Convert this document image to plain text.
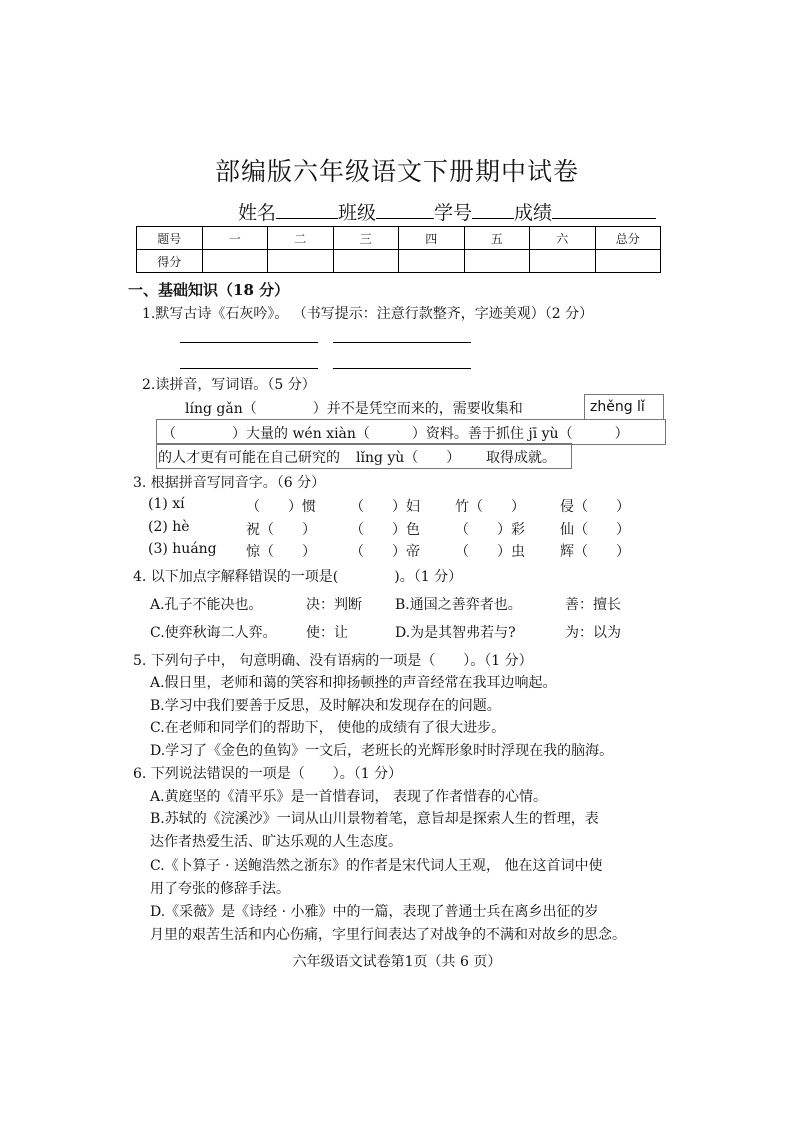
部编版六年级语文下册期中试卷
姓名	班级	学号 成绩
题号	一	二	三	四	五	六	总分
得分							
一、基础知识（18 分）
1.默写古诗《石灰吟》。 （书写提示：注意行款整齐，字迹美观）（2 分）
2.读拼音，写词语。（5 分）
líng gǎn（　　　　）并不是凭空而来的，需要收集和	zhěng lǐ
（　　　　）大量的 wén xiàn（　　　）资料。善于抓住 jī yù（　　　）
的人才更有可能在自己研究的 lǐng yù（　　） 取得成就。
3. 根据拼音写同音字。（6 分）
(1) xí	（　　）惯 （　　）妇	竹（　　）	侵（　　）
(2) hè	祝（　　） （　　）色	（　　）彩	仙（　　）
(3) huáng 惊（　　） （　　）帝	（　　）虫	辉（　　）
4. 以下加点字解释错误的一项是(　　　　)。（1 分）
A.孔子不能决也。	决：判断 B.通国之善弈者也。	善：擅长
C.使弈秋诲二人弈。 使：让	D.为是其智弗若与?	为：以为
5. 下列句子中， 句意明确、没有语病的一项是（　　）。（1 分）
A.假日里，老师和蔼的笑容和抑扬顿挫的声音经常在我耳边响起。
B.学习中我们要善于反思，及时解决和发现存在的问题。
C.在老师和同学们的帮助下， 使他的成绩有了很大进步。
D.学习了《金色的鱼钩》一文后，老班长的光辉形象时时浮现在我的脑海。
6. 下列说法错误的一项是（　　）。（1 分）
A.黄庭坚的《清平乐》是一首惜春词， 表现了作者惜春的心情。
B.苏轼的《浣溪沙》一词从山川景物着笔，意旨却是探索人生的哲理，表
达作者热爱生活、旷达乐观的人生态度。
C.《卜算子 · 送鲍浩然之浙东》的作者是宋代词人王观， 他在这首词中使
用了夸张的修辞手法。
D.《采薇》是《诗经 · 小雅》中的一篇，表现了普通士兵在离乡出征的岁
月里的艰苦生活和内心伤痛，字里行间表达了对战争的不满和对故乡的思念。
六年级语文试卷第1页（共 6 页）
